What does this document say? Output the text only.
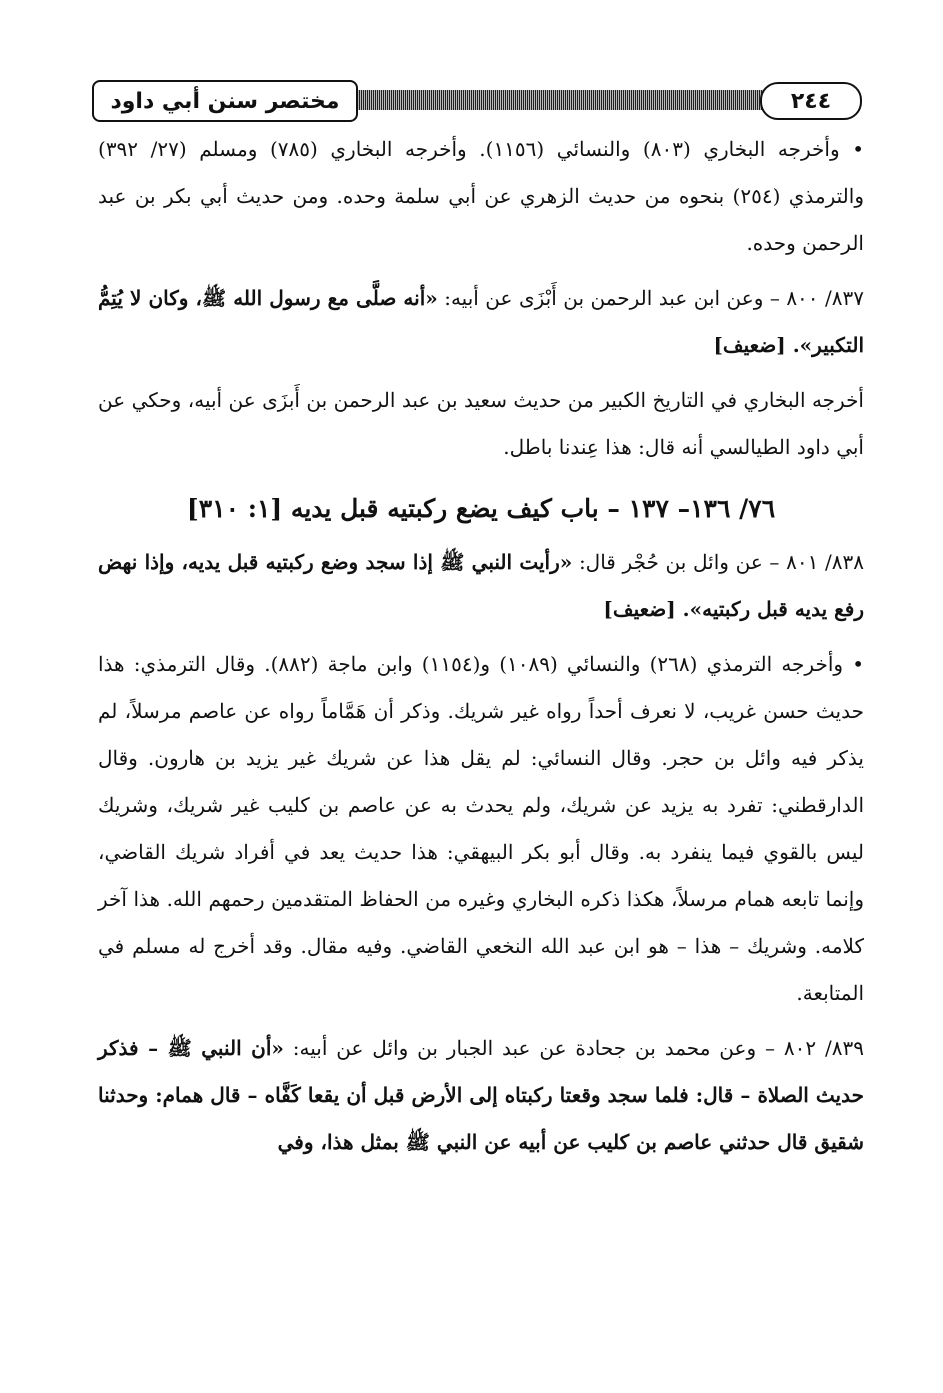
مختصر سنن أبي داود	٢٤٤

• وأخرجه البخاري (٨٠٣) والنسائي (١١٥٦). وأخرجه البخاري (٧٨٥) ومسلم (٢٧/ ٣٩٢) والترمذي (٢٥٤) بنحوه من حديث الزهري عن أبي سلمة وحده. ومن حديث أبي بكر بن عبد الرحمن وحده.

٨٣٧/ ٨٠٠ – وعن ابن عبد الرحمن بن أَبْزَى عن أبيه: «أنه صلَّى مع رسول الله ﷺ، وكان لا يُتِمُّ التكبير». [ضعيف]

أخرجه البخاري في التاريخ الكبير من حديث سعيد بن عبد الرحمن بن أَبزَى عن أبيه، وحكي عن أبي داود الطيالسي أنه قال: هذا عِندنا باطل.

٧٦/ ١٣٦– ١٣٧ – باب كيف يضع ركبتيه قبل يديه [١: ٣١٠]

٨٣٨/ ٨٠١ – عن وائل بن حُجْر قال: «رأيت النبي ﷺ إذا سجد وضع ركبتيه قبل يديه، وإذا نهض رفع يديه قبل ركبتيه». [ضعيف]

• وأخرجه الترمذي (٢٦٨) والنسائي (١٠٨٩) و(١١٥٤) وابن ماجة (٨٨٢). وقال الترمذي: هذا حديث حسن غريب، لا نعرف أحداً رواه غير شريك. وذكر أن هَمَّاماً رواه عن عاصم مرسلاً، لم يذكر فيه وائل بن حجر. وقال النسائي: لم يقل هذا عن شريك غير يزيد بن هارون. وقال الدارقطني: تفرد به يزيد عن شريك، ولم يحدث به عن عاصم بن كليب غير شريك، وشريك ليس بالقوي فيما ينفرد به. وقال أبو بكر البيهقي: هذا حديث يعد في أفراد شريك القاضي، وإنما تابعه همام مرسلاً، هكذا ذكره البخاري وغيره من الحفاظ المتقدمين رحمهم الله. هذا آخر كلامه. وشريك – هذا – هو ابن عبد الله النخعي القاضي. وفيه مقال. وقد أخرج له مسلم في المتابعة.

٨٣٩/ ٨٠٢ – وعن محمد بن جحادة عن عبد الجبار بن وائل عن أبيه: «أن النبي ﷺ – فذكر حديث الصلاة – قال: فلما سجد وقعتا ركبتاه إلى الأرض قبل أن يقعا كَفَّاه – قال همام: وحدثنا شقيق قال حدثني عاصم بن كليب عن أبيه عن النبي ﷺ بمثل هذا، وفي
